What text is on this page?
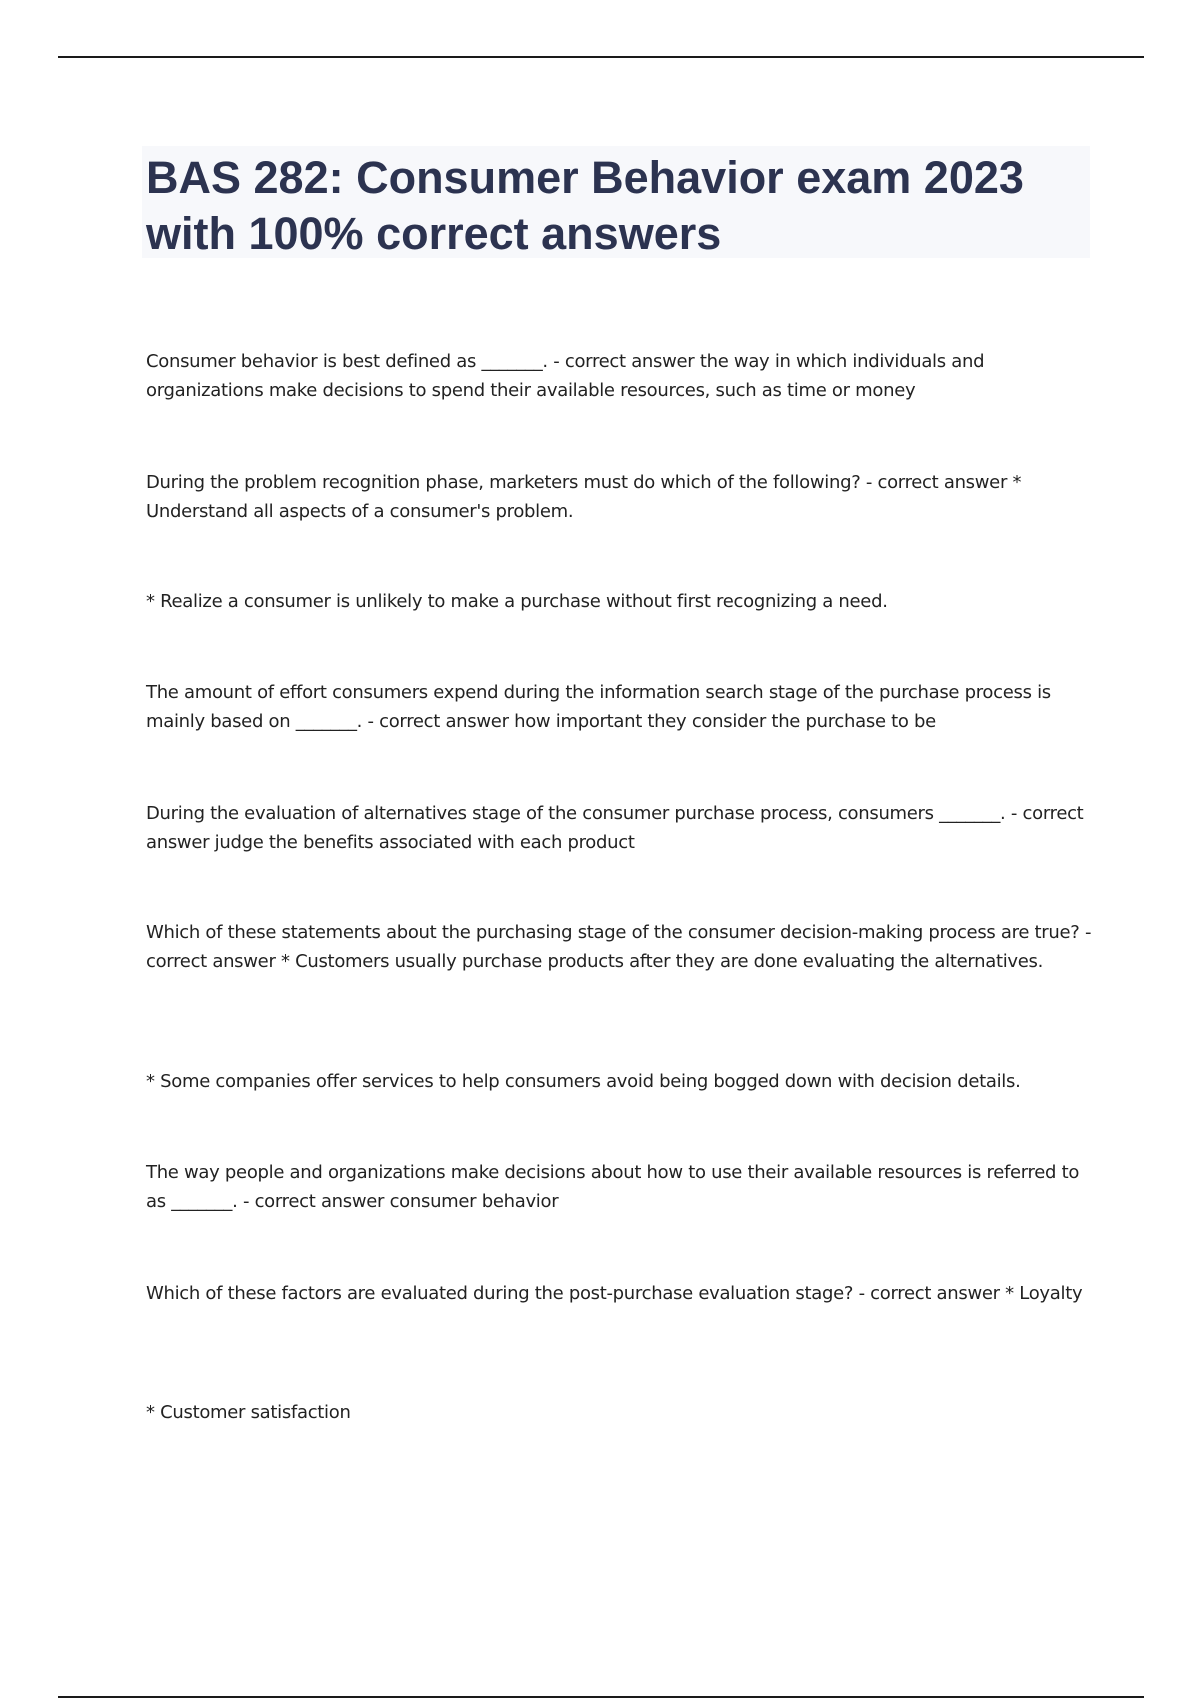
BAS 282: Consumer Behavior exam 2023 with 100% correct answers

Consumer behavior is best defined as _______. - correct answer the way in which individuals and organizations make decisions to spend their available resources, such as time or money

During the problem recognition phase, marketers must do which of the following? - correct answer * Understand all aspects of a consumer's problem.

* Realize a consumer is unlikely to make a purchase without first recognizing a need.

The amount of effort consumers expend during the information search stage of the purchase process is mainly based on _______. - correct answer how important they consider the purchase to be

During the evaluation of alternatives stage of the consumer purchase process, consumers _______. - correct answer judge the benefits associated with each product

Which of these statements about the purchasing stage of the consumer decision-making process are true? - correct answer * Customers usually purchase products after they are done evaluating the alternatives.

* Some companies offer services to help consumers avoid being bogged down with decision details.

The way people and organizations make decisions about how to use their available resources is referred to as _______. - correct answer consumer behavior

Which of these factors are evaluated during the post-purchase evaluation stage? - correct answer * Loyalty

* Customer satisfaction
